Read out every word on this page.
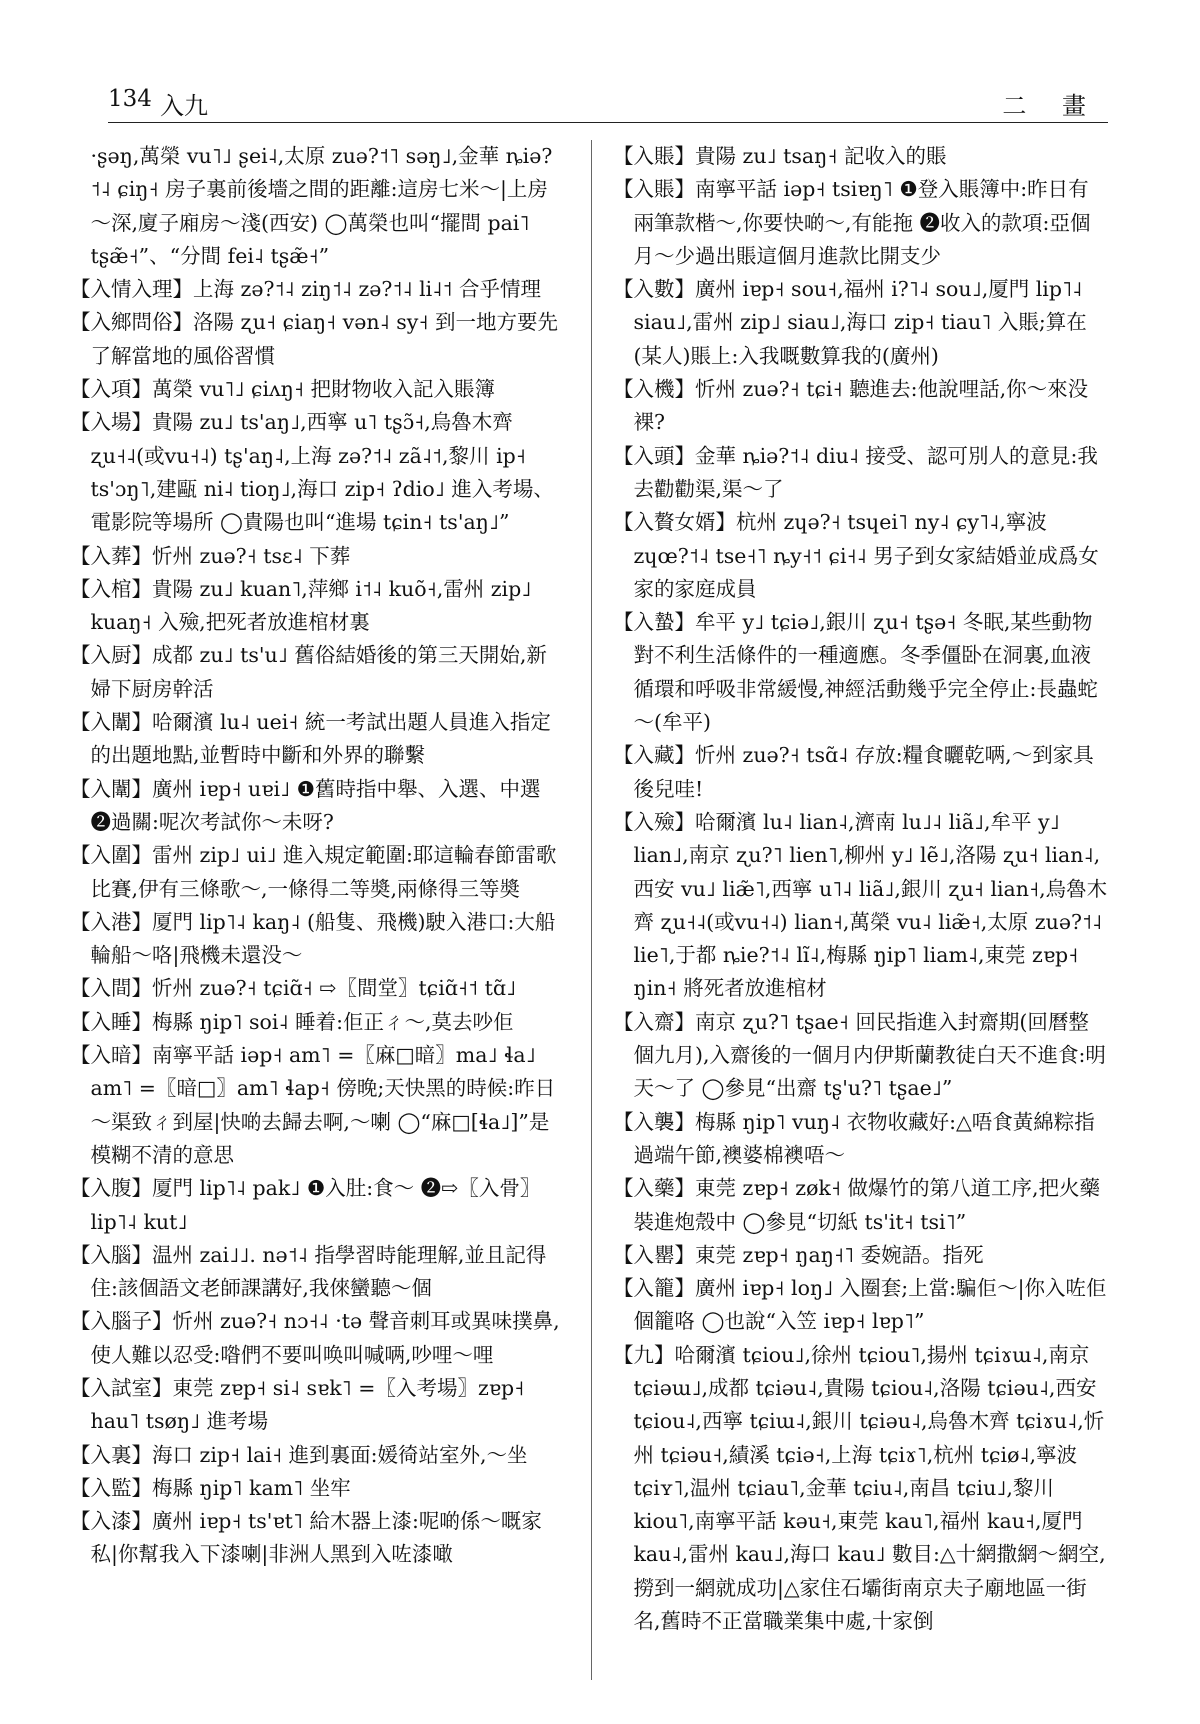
134 入九	二 畫

·ʂəŋ,萬榮 vu˥˩ ʂei˨,太原 zuə?˦˥ səŋ˩,金華 ȵiə?˦˨ ɕiŋ˧ 房子裏前後墻之間的距離:這房七米～|上房～深,廈子廂房～淺(西安) ◯萬榮也叫“擺間 pai˥ tʂæ̃˧”、“分間 fei˨ tʂæ̃˧”

【入情入理】上海 zə?˦˨ ziŋ˦˨ zə?˦˨ li˨˦ 合乎情理

【入鄉問俗】洛陽 ʐu˧ ɕiaŋ˧ vən˨ sy˧ 到一地方要先了解當地的風俗習慣

【入項】萬榮 vu˥˩ ɕiʌŋ˧ 把財物收入記入賬簿

【入場】貴陽 zu˩ ts'aŋ˩,西寧 u˥ tʂɔ̃˧,烏魯木齊 ʐu˧˨(或vu˧˨) tʂ'aŋ˨,上海 zə?˦˨ zã˨˦,黎川 ip˧ ts'ɔŋ˥,建甌 ni˨ tioŋ˩,海口 zip˧ ʔdio˩ 進入考場、電影院等場所 ◯貴陽也叫“進場 tɕin˧ ts'aŋ˩”

【入葬】忻州 zuə?˧ tsɛ˨ 下葬

【入棺】貴陽 zu˩ kuan˥,萍鄉 i˦˨ kuõ˧,雷州 zip˩ kuaŋ˧ 入殮,把死者放進棺材裏

【入厨】成都 zu˩ ts'u˩ 舊俗結婚後的第三天開始,新婦下厨房幹活

【入闈】哈爾濱 lu˨ uei˧ 統一考試出題人員進入指定的出題地點,並暫時中斷和外界的聯繫

【入闈】廣州 iɐp˧ uɐi˩ ❶舊時指中舉、入選、中選 ❷過關:呢次考試你～未呀?

【入圍】雷州 zip˩ ui˩ 進入規定範圍:耶這輪春節雷歌比賽,伊有三條歌～,一條得二等奬,兩條得三等奬

【入港】厦門 lip˥˨ kaŋ˨ (船隻、飛機)駛入港口:大船輪船～咯|飛機未還没～

【入間】忻州 zuə?˧ tɕiɑ̃˧ ⇨〖間堂〗tɕiɑ̃˧˦ tɑ̃˩

【入睡】梅縣 ŋip˥ soi˨ 睡着:佢正ㄔ～,莫去吵佢

【入暗】南寧平話 iəp˧ am˥ =〖麻□暗〗ma˩ ɬa˩ am˥ =〖暗□〗am˥ ɬap˧ 傍晚;天快黑的時候:昨日～渠致ㄔ到屋|快啲去歸去啊,～喇 ◯“麻□[ɬa˩]”是模糊不清的意思

【入腹】厦門 lip˥˨ pak˩ ❶入肚:食～ ❷⇨〖入骨〗lip˥˨ kut˩

【入腦】温州 zai˩˩. nə˦˨ 指學習時能理解,並且記得住:該個語文老師課講好,我倈蠻聽～個

【入腦子】忻州 zuə?˧ nɔ˧˨ ·tə 聲音刺耳或異味撲鼻,使人難以忍受:喒們不要叫唤叫喊唡,吵哩～哩

【入試室】東莞 zɐp˧ si˨ sɐk˥ =〖入考場〗zɐp˧ hau˥ tsøŋ˩ 進考場

【入裏】海口 zip˧ lai˧ 進到裏面:媛徛站室外,～坐

【入監】梅縣 ŋip˥ kam˥ 坐牢

【入漆】廣州 iɐp˧ ts'ɐt˥ 給木器上漆:呢啲係～嘅家私|你幫我入下漆喇|非洲人黑到入咗漆噉

【入賬】貴陽 zu˩ tsaŋ˧ 記收入的賬

【入賬】南寧平話 iəp˧ tsiɐŋ˥ ❶登入賬簿中:昨日有兩筆款楷～,你要快啲～,有能拖 ❷收入的款項:亞個月～少過出賬這個月進款比開支少

【入數】廣州 iɐp˧ sou˧,福州 i?˥˨ sou˩,厦門 lip˥˨ siau˩,雷州 zip˩ siau˩,海口 zip˧ tiau˥ 入賬;算在(某人)賬上:入我嘅數算我的(廣州)

【入機】忻州 zuə?˧ tɕi˧ 聽進去:他說哩話,你～來没裸?

【入頭】金華 ȵiə?˦˨ diu˨ 接受、認可別人的意見:我去勸勸渠,渠～了

【入贅女婿】杭州 zɥə?˧ tsɥei˥ ny˨ ɕy˥˨,寧波 zɥœ?˦˨ tse˧˥ ȵy˧˦ ɕi˧˨ 男子到女家結婚並成爲女家的家庭成員

【入蟄】牟平 y˩ tɕiə˩,銀川 ʐu˧ tʂə˧ 冬眠,某些動物對不利生活條件的一種適應。冬季僵卧在洞裏,血液循環和呼吸非常緩慢,神經活動幾乎完全停止:長蟲蛇～(牟平)

【入藏】忻州 zuə?˧ tsɑ̃˨ 存放:糧食曬乾唡,～到家具後兒哇!

【入殮】哈爾濱 lu˨ lian˨,濟南 lu˩˨ liã˩,牟平 y˩ lian˩,南京 ʐu?˥ lien˥,柳州 y˩ lẽ˩,洛陽 ʐu˧ lian˨,西安 vu˩ liæ̃˥,西寧 u˥˨ liã˩,銀川 ʐu˧ lian˧,烏魯木齊 ʐu˧˨(或vu˧˨) lian˧,萬榮 vu˨ liæ̃˧,太原 zuə?˦˨ lie˥,于都 ȵie?˦˨ lĩ˨,梅縣 ŋip˥ liam˨,東莞 zɐp˧ ŋin˧ 將死者放進棺材

【入齋】南京 ʐu?˥ tʂae˧ 回民指進入封齋期(回曆整個九月),入齋後的一個月内伊斯蘭教徒白天不進食:明天～了 ◯參見“出齋 tʂ'u?˥ tʂae˩”

【入襲】梅縣 ŋip˥ vuŋ˨ 衣物收藏好:△唔食黃綿粽指過端午節,襖婆棉襖唔～

【入藥】東莞 zɐp˧ zøk˧ 做爆竹的第八道工序,把火藥裝進炮殼中 ◯參見“切紙 ts'it˧ tsi˥”

【入罌】東莞 zɐp˧ ŋaŋ˧˥ 委婉語。指死

【入籠】廣州 iɐp˧ loŋ˩ 入圈套;上當:騙佢～|你入咗佢個籠咯 ◯也說“入笠 iɐp˧ lɐp˥”

【九】哈爾濱 tɕiou˩,徐州 tɕiou˥,揚州 tɕiɤɯ˨,南京 tɕiəɯ˩,成都 tɕiəu˨,貴陽 tɕiou˨,洛陽 tɕiəu˨,西安 tɕiou˨,西寧 tɕiɯ˨,銀川 tɕiəu˨,烏魯木齊 tɕiɤu˨,忻州 tɕiəu˧,績溪 tɕiə˧,上海 tɕiɤ˥,杭州 tɕiø˨,寧波 tɕiʏ˥,温州 tɕiau˥,金華 tɕiu˨,南昌 tɕiu˩,黎川 kiou˥,南寧平話 kəu˧,東莞 kau˥,福州 kau˧,厦門 kau˨,雷州 kau˩,海口 kau˩ 數目:△十網撒網～網空,撈到一網就成功|△家住石壩街南京夫子廟地區一街名,舊時不正當職業集中處,十家倒
